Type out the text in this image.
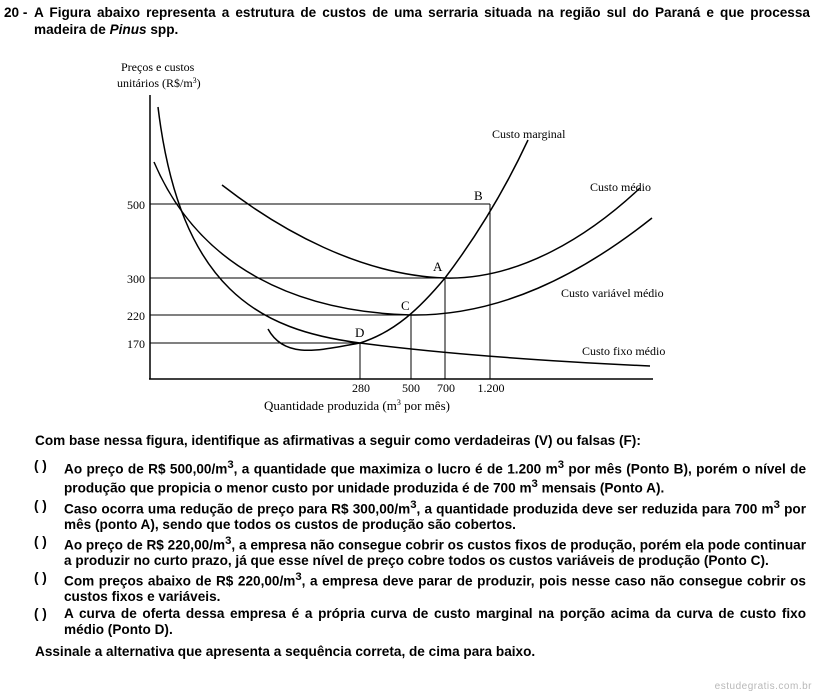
20 - A Figura abaixo representa a estrutura de custos de uma serraria situada na região sul do Paraná e que processa madeira de Pinus spp.
Preços e custos
unitários $(R\$/m^3)$
500
300
220
170
280	500 700 1.200
Quantidade produzida ($m^3$ por mês)
Custo marginal
Custo médio
Custo variável médio
Custo fixo médio
A
B
C
D
Com base nessa figura, identifique as afirmativas a seguir como verdadeiras (V) ou falsas (F):
( ) Ao preço de R$ $500,00/m^3$, a quantidade que maximiza o lucro é de 1.200 $m^3$ por mês (Ponto B), porém o nível de produção que propicia o menor custo por unidade produzida é de 700 $m^3$ mensais (Ponto A).
( ) Caso ocorra uma redução de preço para R$ $300,00/m^3$, a quantidade produzida deve ser reduzida para 700 $m^3$ por mês (ponto A), sendo que todos os custos de produção são cobertos.
( ) Ao preço de R$ $220,00/m^3$, a empresa não consegue cobrir os custos fixos de produção, porém ela pode continuar a produzir no curto prazo, já que esse nível de preço cobre todos os custos variáveis de produção (Ponto C).
( ) Com preços abaixo de R$ $220,00/m^3$, a empresa deve parar de produzir, pois nesse caso não consegue cobrir os custos fixos e variáveis.
( ) A curva de oferta dessa empresa é a própria curva de custo marginal na porção acima da curva de custo fixo médio (Ponto D).
Assinale a alternativa que apresenta a sequência correta, de cima para baixo.
estudegratis.com.br
